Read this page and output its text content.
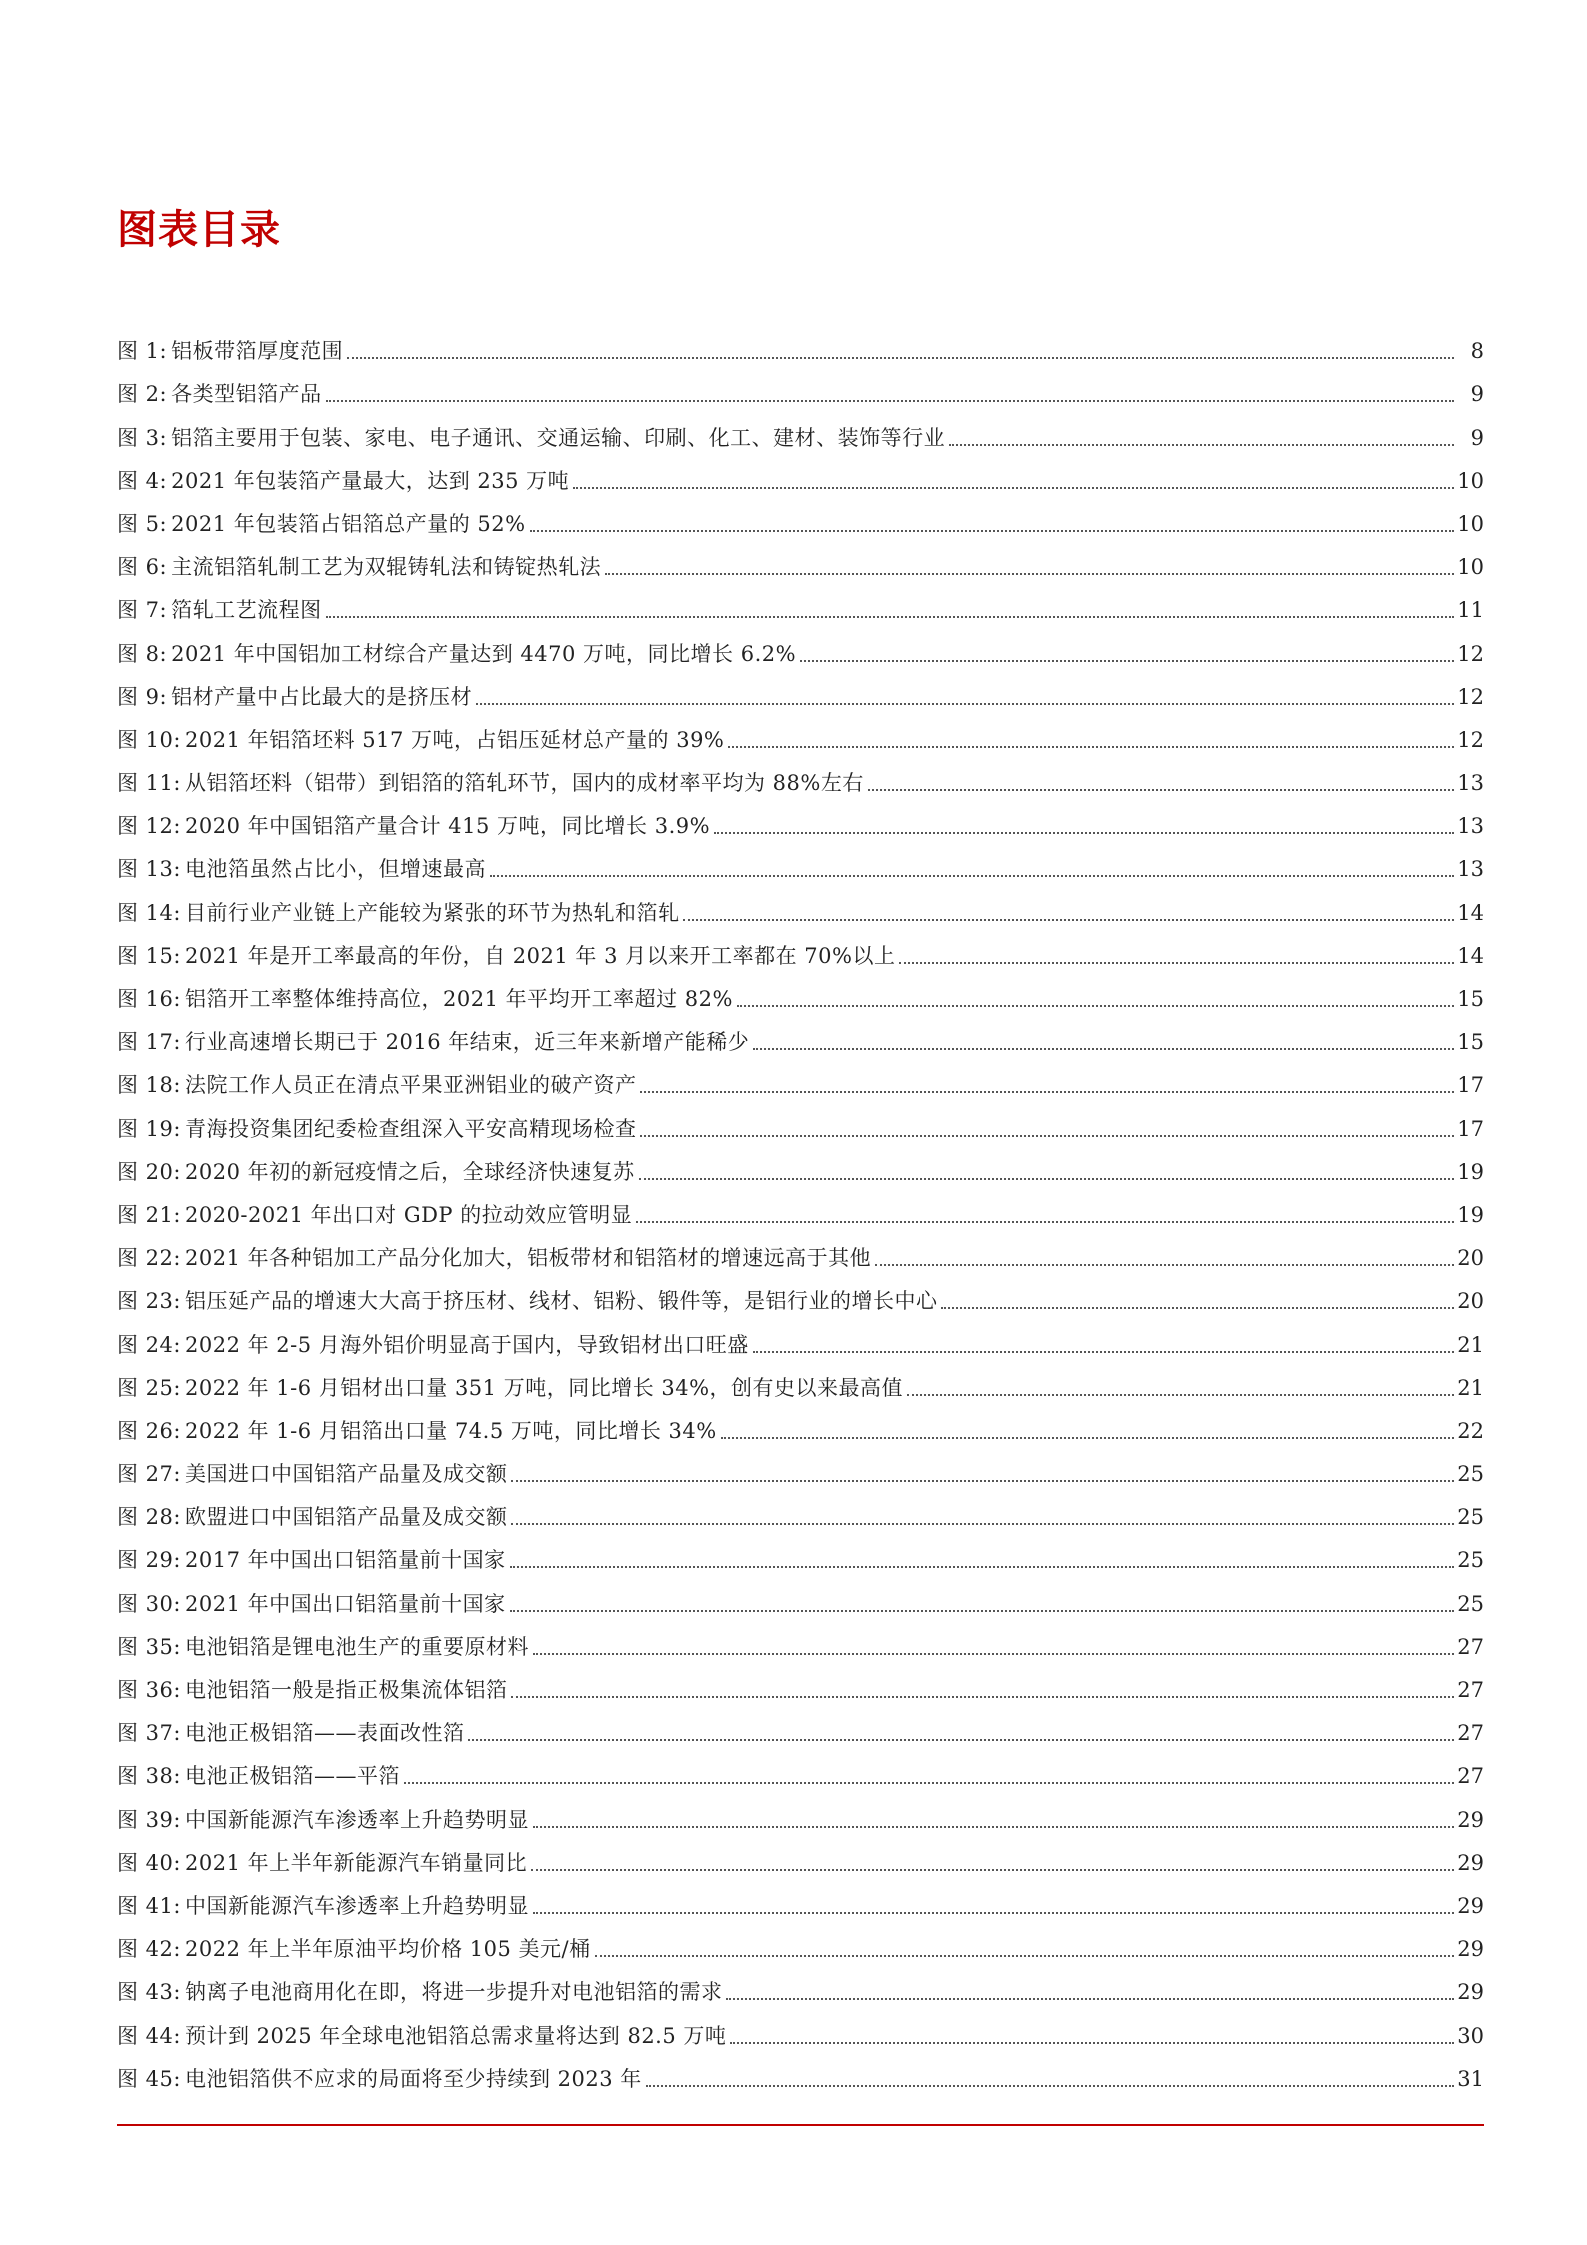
图表目录
图 1: 铝板带箔厚度范围	8
图 2: 各类型铝箔产品	9
图 3: 铝箔主要用于包装、家电、电子通讯、交通运输、印刷、化工、建材、装饰等行业	9
图 4: 2021 年包装箔产量最大，达到 235 万吨	10
图 5: 2021 年包装箔占铝箔总产量的 52%	10
图 6: 主流铝箔轧制工艺为双辊铸轧法和铸锭热轧法	10
图 7: 箔轧工艺流程图	11
图 8: 2021 年中国铝加工材综合产量达到 4470 万吨，同比增长 6.2%	12
图 9: 铝材产量中占比最大的是挤压材	12
图 10: 2021 年铝箔坯料 517 万吨，占铝压延材总产量的 39%	12
图 11: 从铝箔坯料（铝带）到铝箔的箔轧环节，国内的成材率平均为 88%左右	13
图 12: 2020 年中国铝箔产量合计 415 万吨，同比增长 3.9%	13
图 13: 电池箔虽然占比小，但增速最高	13
图 14: 目前行业产业链上产能较为紧张的环节为热轧和箔轧	14
图 15: 2021 年是开工率最高的年份，自 2021 年 3 月以来开工率都在 70%以上	14
图 16: 铝箔开工率整体维持高位，2021 年平均开工率超过 82%	15
图 17: 行业高速增长期已于 2016 年结束，近三年来新增产能稀少	15
图 18: 法院工作人员正在清点平果亚洲铝业的破产资产	17
图 19: 青海投资集团纪委检查组深入平安高精现场检查	17
图 20: 2020 年初的新冠疫情之后，全球经济快速复苏	19
图 21: 2020-2021 年出口对 GDP 的拉动效应管明显	19
图 22: 2021 年各种铝加工产品分化加大，铝板带材和铝箔材的增速远高于其他	20
图 23: 铝压延产品的增速大大高于挤压材、线材、铝粉、锻件等，是铝行业的增长中心	20
图 24: 2022 年 2-5 月海外铝价明显高于国内，导致铝材出口旺盛	21
图 25: 2022 年 1-6 月铝材出口量 351 万吨，同比增长 34%，创有史以来最高值	21
图 26: 2022 年 1-6 月铝箔出口量 74.5 万吨，同比增长 34%	22
图 27: 美国进口中国铝箔产品量及成交额	25
图 28: 欧盟进口中国铝箔产品量及成交额	25
图 29: 2017 年中国出口铝箔量前十国家	25
图 30: 2021 年中国出口铝箔量前十国家	25
图 35: 电池铝箔是锂电池生产的重要原材料	27
图 36: 电池铝箔一般是指正极集流体铝箔	27
图 37: 电池正极铝箔——表面改性箔	27
图 38: 电池正极铝箔——平箔	27
图 39: 中国新能源汽车渗透率上升趋势明显	29
图 40: 2021 年上半年新能源汽车销量同比	29
图 41: 中国新能源汽车渗透率上升趋势明显	29
图 42: 2022 年上半年原油平均价格 105 美元/桶	29
图 43: 钠离子电池商用化在即，将进一步提升对电池铝箔的需求	29
图 44: 预计到 2025 年全球电池铝箔总需求量将达到 82.5 万吨	30
图 45: 电池铝箔供不应求的局面将至少持续到 2023 年	31
